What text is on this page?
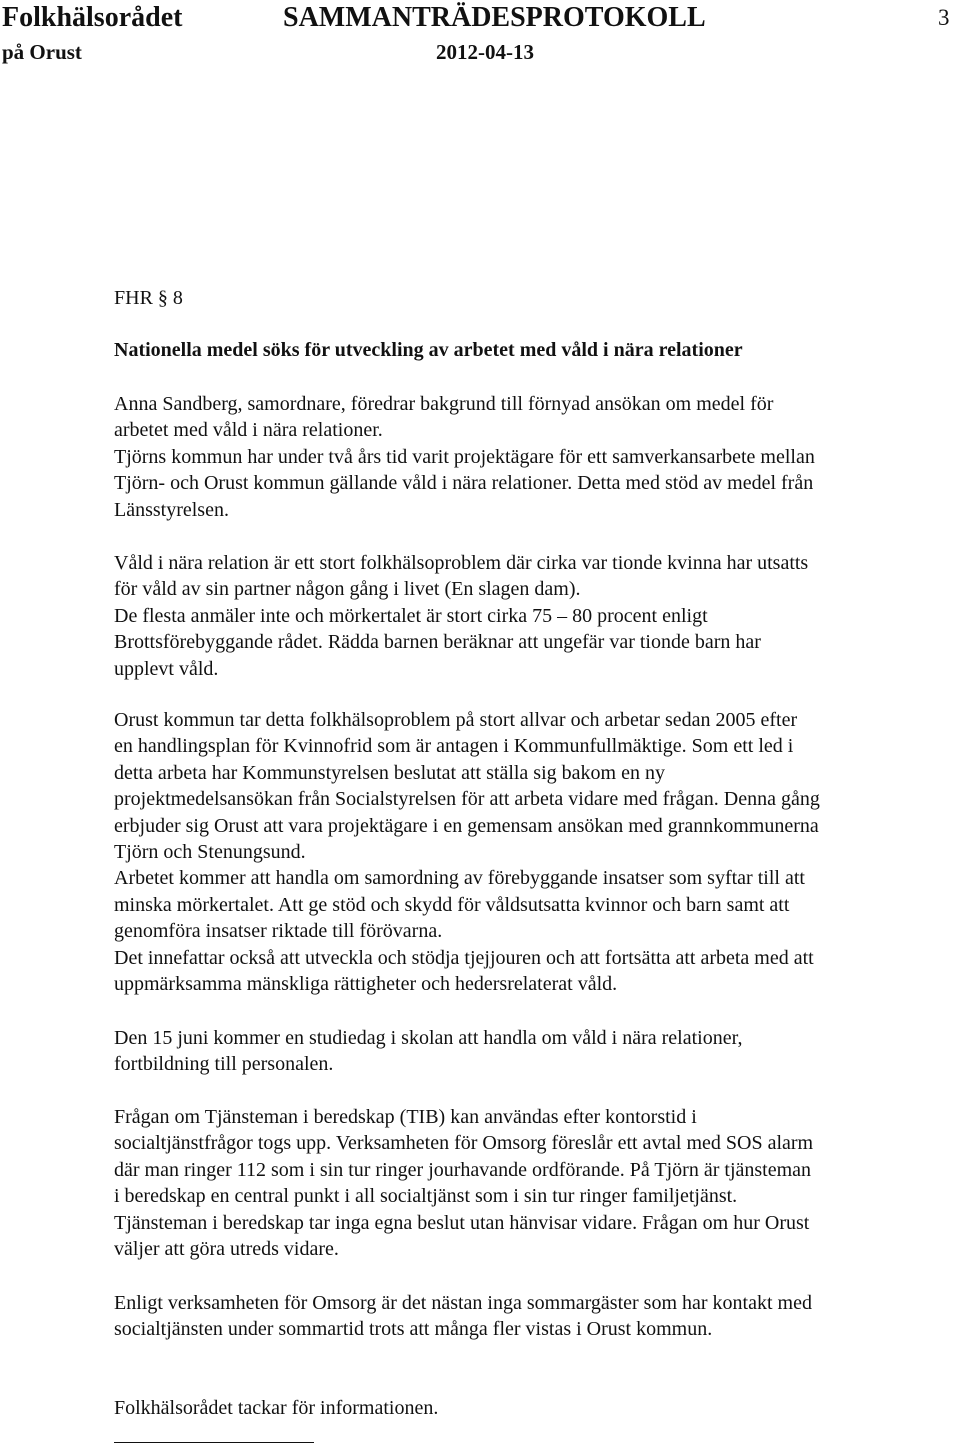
Folkhälsorådet	SAMMANTRÄDESPROTOKOLL	3
på Orust	2012-04-13
FHR § 8
Nationella medel söks för utveckling av arbetet med våld i nära relationer
Anna Sandberg, samordnare, föredrar bakgrund till förnyad ansökan om medel för
arbetet med våld i nära relationer.
Tjörns kommun har under två års tid varit projektägare för ett samverkansarbete mellan
Tjörn- och Orust kommun gällande våld i nära relationer. Detta med stöd av medel från
Länsstyrelsen.
Våld i nära relation är ett stort folkhälsoproblem där cirka var tionde kvinna har utsatts
för våld av sin partner någon gång i livet (En slagen dam).
De flesta anmäler inte och mörkertalet är stort cirka 75 – 80 procent enligt
Brottsförebyggande rådet. Rädda barnen beräknar att ungefär var tionde barn har
upplevt våld.
Orust kommun tar detta folkhälsoproblem på stort allvar och arbetar sedan 2005 efter
en handlingsplan för Kvinnofrid som är antagen i Kommunfullmäktige. Som ett led i
detta arbeta har Kommunstyrelsen beslutat att ställa sig bakom en ny
projektmedelsansökan från Socialstyrelsen för att arbeta vidare med frågan. Denna gång
erbjuder sig Orust att vara projektägare i en gemensam ansökan med grannkommunerna
Tjörn och Stenungsund.
Arbetet kommer att handla om samordning av förebyggande insatser som syftar till att
minska mörkertalet. Att ge stöd och skydd för våldsutsatta kvinnor och barn samt att
genomföra insatser riktade till förövarna.
Det innefattar också att utveckla och stödja tjejjouren och att fortsätta att arbeta med att
uppmärksamma mänskliga rättigheter och hedersrelaterat våld.
Den 15 juni kommer en studiedag i skolan att handla om våld i nära relationer,
fortbildning till personalen.
Frågan om Tjänsteman i beredskap (TIB) kan användas efter kontorstid i
socialtjänstfrågor togs upp. Verksamheten för Omsorg föreslår ett avtal med SOS alarm
där man ringer 112 som i sin tur ringer jourhavande ordförande. På Tjörn är tjänsteman
i beredskap en central punkt i all socialtjänst som i sin tur ringer familjetjänst.
Tjänsteman i beredskap tar inga egna beslut utan hänvisar vidare. Frågan om hur Orust
väljer att göra utreds vidare.
Enligt verksamheten för Omsorg är det nästan inga sommargäster som har kontakt med
socialtjänsten under sommartid trots att många fler vistas i Orust kommun.
Folkhälsorådet tackar för informationen.
